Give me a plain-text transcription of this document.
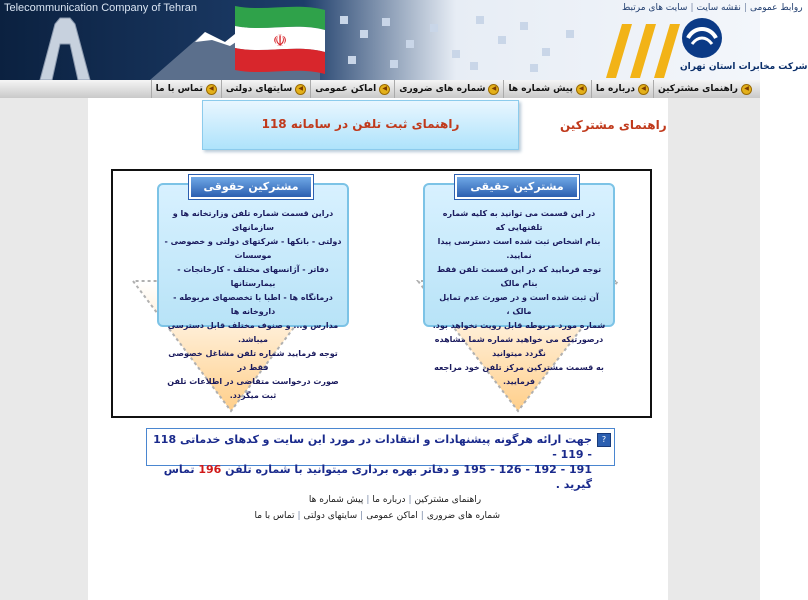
Telecommunication Company of Tehran	روابط عمومی|نقشه سایت|سایت های مرتبط
☫
شرکت مخابرات استان تهران
◀
راهنمای مشترکین
◀
درباره ما
◀
پیش شماره ها
◀
شماره های ضروری
◀
اماکن عمومی
◀
سایتهای دولتی
◀
تماس با ما
راهنمای ثبت تلفن در سامانه 118	راهنمای مشترکین
مشترکین حقوقی
دراین قسمت شماره تلفن وزارتخانه ها و سازمانهای
دولتی - بانکها - شرکتهای دولتی و خصوصی - موسسات
دفاتر - آژانسهای مختلف - کارخانجات - بیمارستانها
درمانگاه ها - اطبا با تخصصهای مربوطه - داروخانه ها
مدارس و... و صنوف مختلف قابل دسترسی میباشد.
توجه فرمایید شماره تلفن مشاغل خصوصی فقط در
صورت درخواست متقاضی در اطلاعات تلفن ثبت میگردد.
مشترکین حقیقی
در این قسمت می توانید به کلیه شماره تلفنهایی که
بنام اشخاص ثبت شده است دسترسی پیدا نمایید.
توجه فرمایید که در این قسمت تلفن فقط بنام مالک
آن ثبت شده است و در صورت عدم تمایل مالک ،
شماره مورد مربوطه قابل رویت نخواهد بود.
درصورتیکه می خواهید شماره شما مشاهده نگردد میتوانید
به قسمت مشترکین مرکز تلفن خود مراجعه فرمایید.
جهت ارائه هرگونه پیشنهادات و انتقادات در مورد این سایت و کدهای خدماتی 118 - 119 -
191 - 192 - 126 - 195 و دفاتر بهره برداری میتوانید با شماره تلفن 196 تماس گیرید .
?
راهنمای مشترکین|درباره ما|پیش شماره ها
شماره های ضروری|اماکن عمومی|سایتهای دولتی|تماس با ما
